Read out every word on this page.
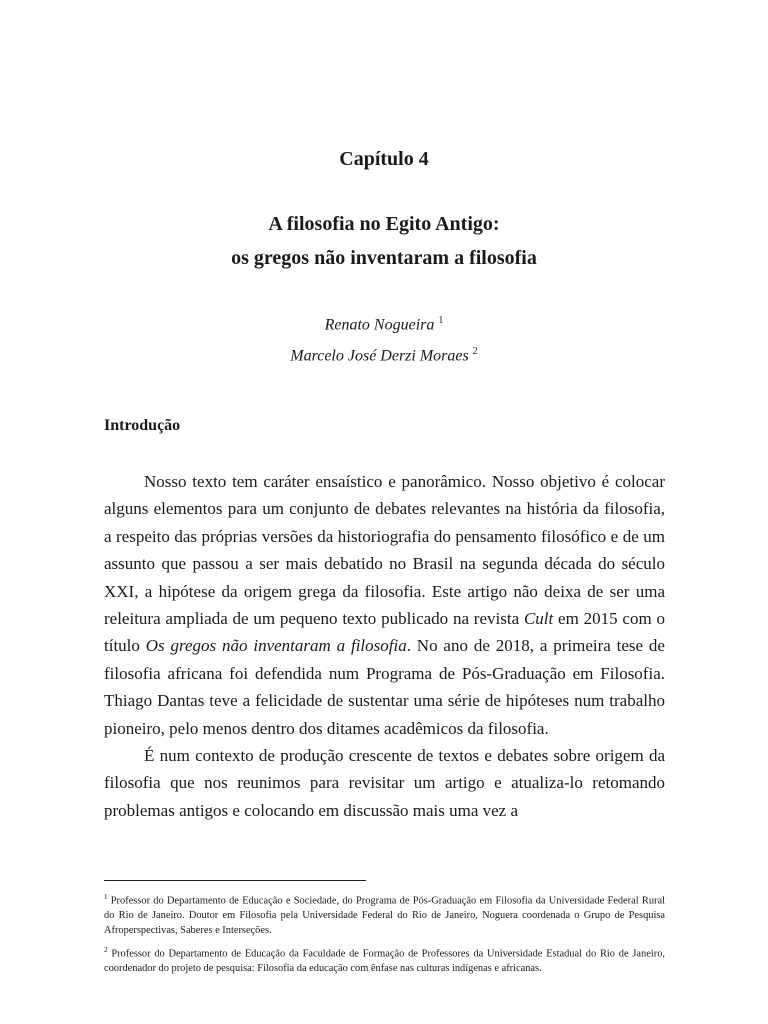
Capítulo 4
A filosofia no Egito Antigo:
os gregos não inventaram a filosofia
Renato Nogueira $^1$
Marcelo José Derzi Moraes $^2$
Introdução

Nosso texto tem caráter ensaístico e panorâmico. Nosso objetivo é colocar alguns elementos para um conjunto de debates relevantes na história da filosofia, a respeito das próprias versões da historiografia do pensamento filosófico e de um assunto que passou a ser mais debatido no Brasil na segunda década do século XXI, a hipótese da origem grega da filosofia. Este artigo não deixa de ser uma releitura ampliada de um pequeno texto publicado na revista Cult em 2015 com o título Os gregos não inventaram a filosofia. No ano de 2018, a primeira tese de filosofia africana foi defendida num Programa de Pós-Graduação em Filosofia. Thiago Dantas teve a felicidade de sustentar uma série de hipóteses num trabalho pioneiro, pelo menos dentro dos ditames acadêmicos da filosofia.

É num contexto de produção crescente de textos e debates sobre origem da filosofia que nos reunimos para revisitar um artigo e atualiza-lo retomando problemas antigos e colocando em discussão mais uma vez a

$^1$ Professor do Departamento de Educação e Sociedade, do Programa de Pós-Graduação em Filosofia da Universidade Federal Rural do Rio de Janeiro. Doutor em Filosofia pela Universidade Federal do Rio de Janeiro, Noguera coordenada o Grupo de Pesquisa Afroperspectivas, Saberes e Interseções.

$^2$ Professor do Departamento de Educação da Faculdade de Formação de Professores da Universidade Estadual do Rio de Janeiro, coordenador do projeto de pesquisa: Filosofia da educação com ênfase nas culturas indígenas e africanas.
